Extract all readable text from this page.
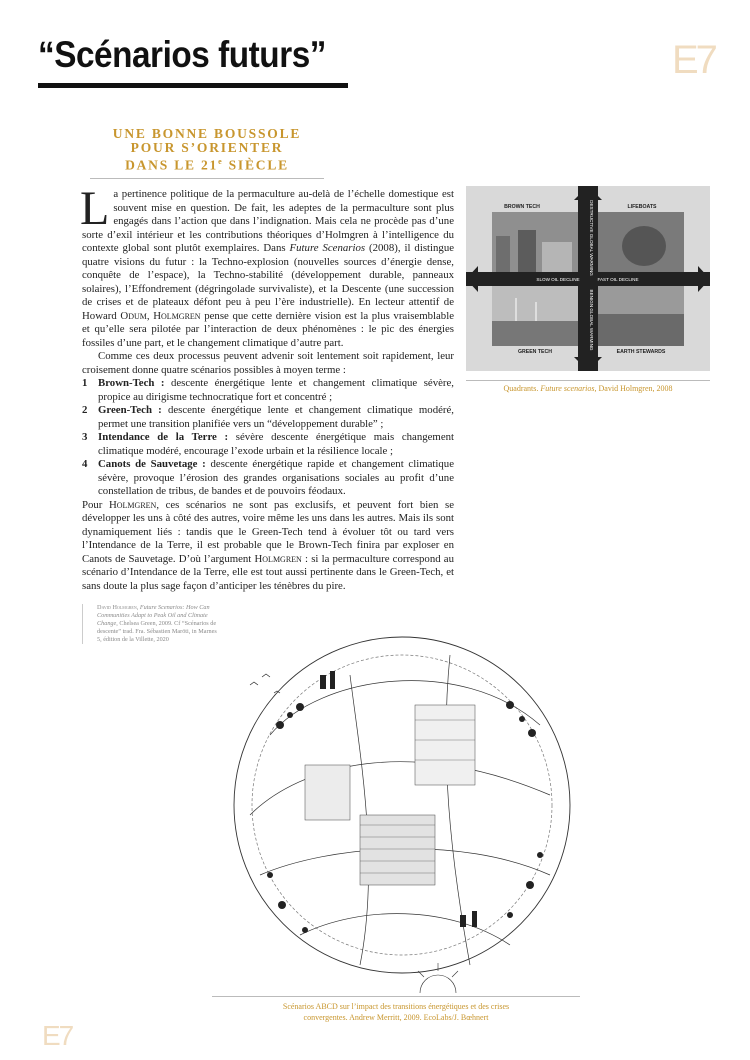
“Scénarios futurs”	E7
UNE BONNE BOUSSOLE
POUR S’ORIENTER
DANS LE 21e SIÈCLE

La pertinence politique de la permaculture au-delà de l’échelle domestique est souvent mise en question. De fait, les adeptes de la permaculture sont plus engagés dans l’action que dans l’indignation. Mais cela ne procède pas d’une sorte d’exil intérieur et les contributions théoriques d’Holmgren à l’intelligence du contexte global sont plutôt exemplaires. Dans Future Scenarios (2008), il distingue quatre visions du futur : la Techno-explosion (nouvelles sources d’énergie dense, conquête de l’espace), la Techno-stabilité (développement durable, panneaux solaires), l’Effondrement (dégringolade survivaliste), et la Descente (une succession de crises et de plateaux défont peu à peu l’ère industrielle). En lecteur attentif de Howard Odum, Holmgren pense que cette dernière vision est la plus vraisemblable et qu’elle sera pilotée par l’interaction de deux phénomènes : le pic des énergies fossiles d’une part, et le changement climatique d’autre part.

Comme ces deux processus peuvent advenir soit lentement soit rapidement, leur croisement donne quatre scénarios possibles à moyen terme :

1 Brown-Tech : descente énergétique lente et changement climatique sévère, propice au dirigisme technocratique fort et concentré ;
2 Green-Tech : descente énergétique lente et changement climatique modéré, permet une transition planifiée vers un “développement durable” ;
3 Intendance de la Terre : sévère descente énergétique mais changement climatique modéré, encourage l’exode urbain et la résilience locale ;
4 Canots de Sauvetage : descente énergétique rapide et changement climatique sévère, provoque l’érosion des grandes organisations sociales au profit d’une constellation de tribus, de bandes et de pouvoirs féodaux.

Pour Holmgren, ces scénarios ne sont pas exclusifs, et peuvent fort bien se développer les uns à côté des autres, voire même les uns dans les autres. Mais ils sont dynamiquement liés : tandis que le Green-Tech tend à évoluer tôt ou tard vers l’Intendance de la Terre, il est probable que le Brown-Tech finira par exploser en Canots de Sauvetage. D’où l’argument Holmgren : si la permaculture correspond au scénario d’Intendance de la Terre, elle est tout aussi pertinente dans le Green-Tech, et sans doute la plus sage façon d’anticiper les ténèbres du pire.

David Holmgren, Future Scenarios: How Can Communities Adapt to Peak Oil and Climate Change, Chelsea Green, 2009. Cf “Scénarios de descente” trad. Fra. Sébastien Maröti, in Marnes 5, édition de la Villette, 2020
BROWN TECH	LIFEBOATS
GREEN TECH	EARTH STEWARDS
SLOW OIL DECLINE	FAST OIL DECLINE
DESTRUCTIVE GLOBAL WARMING
BENIGN GLOBAL WARMING
Quadrants. Future scenarios, David Holmgren, 2008
Scénarios ABCD sur l’impact des transitions énergétiques et des crises
convergentes. Andrew Merritt, 2009. EcoLabs/J. Bœhnert
E7
